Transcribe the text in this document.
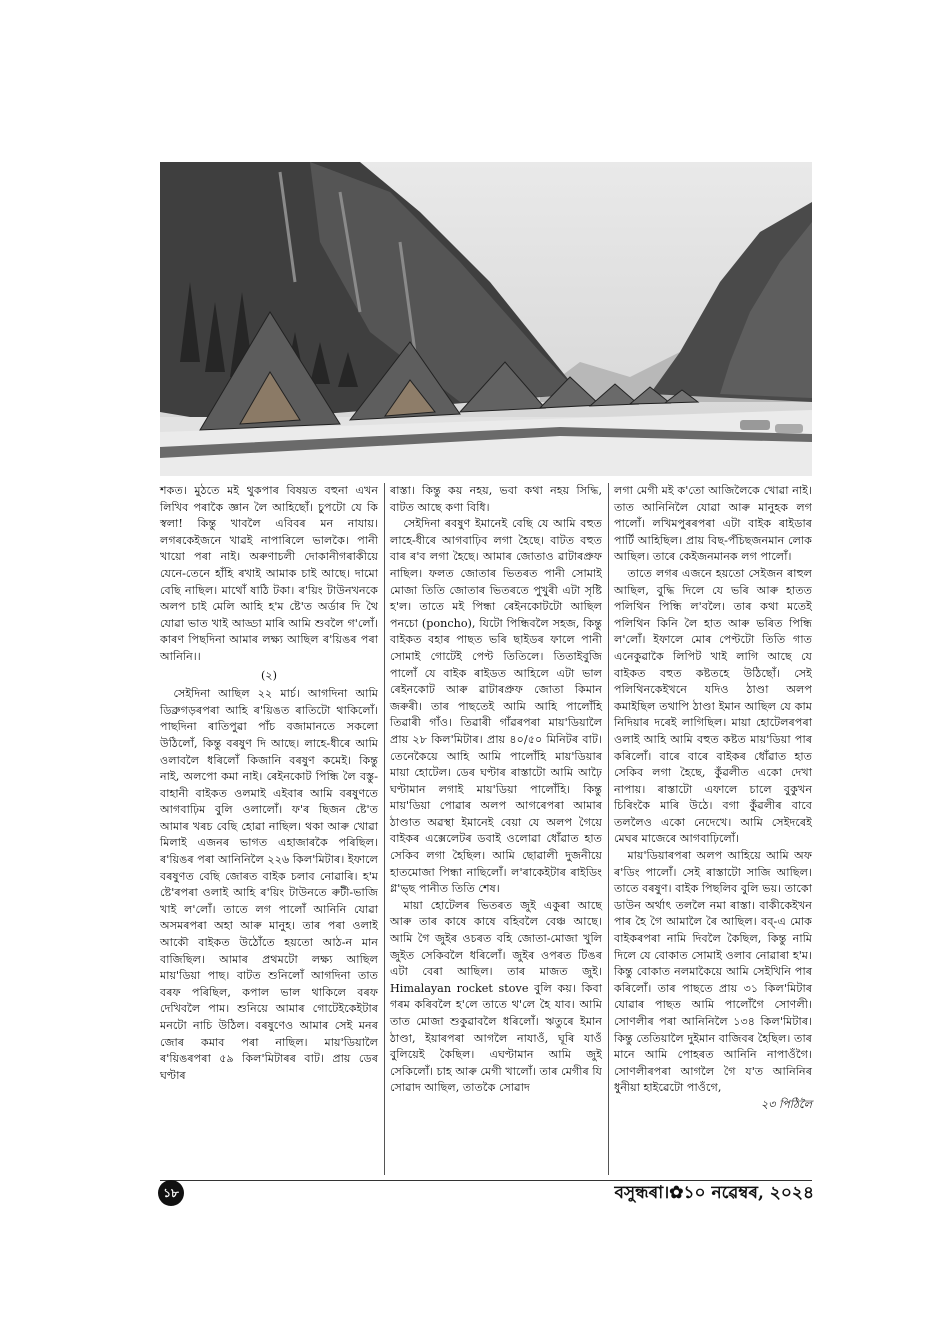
শকত। মুঠতে মই থুকপাৰ বিষয়ত বহুনা এখন লিখিব পৰাকৈ জ্ঞান লৈ আহিছোঁ। চুপটো যে কি স্বলা! কিন্তু খাবলৈ এবিবৰ মন নাযায়। লগৰকেইজনে খাৱই নাপাৰিলে ভালকৈ। পানী খায়ো পৰা নাই। অৰুণাচলী দোকানীগৰাকীয়ে যেনে-তেনে হাঁহি ৰখাই আমাক চাই আছে। দামো বেছি নাছিল। মাথোঁ ষাঠি টকা। ৰ'য়িং টাউনখনকে অলপ চাই মেলি আহি হ'ম ষ্টে'ত অৰ্ডাৰ দি থৈ যোৱা ভাত খাই আড্ডা মাৰি আমি শুবলৈ গ'লোঁ। কাৰণ পিছদিনা আমাৰ লক্ষ্য আছিল ৰ'য়িঙৰ পৰা আনিনি।।

(২)

সেইদিনা আছিল ২২ মাৰ্চ। আগদিনা আমি ডিব্ৰুগড়ৰপৰা আহি ৰ'য়িঙত ৰাতিটো থাকিলোঁ। পাছদিনা ৰাতিপুৱা পাঁচ বজামানতে সকলো উঠিলোঁ, কিন্তু বৰষুণ দি আছে। লাহে-ধীৰে আমি ওলাবলৈ ধৰিলোঁ কিজানি বৰষুণ কমেই। কিন্তু নাই, অলপো কমা নাই। ৰেইনকোট পিন্ধি লৈ বস্তু-বাহানী বাইকত ওলমাই এইবাৰ আমি বৰষুণতে আগবাঢ়িম বুলি ওলালোঁ। ফ'ৰ ছিজন ষ্টে'ত আমাৰ খৰচ বেছি হোৱা নাছিল। থকা আৰু খোৱা মিলাই এজনৰ ভাগত এহাজাৰকৈ পৰিছিল। ৰ'য়িঙৰ পৰা আনিনিলৈ ২২৬ কিল'মিটাৰ। ইফালে বৰষুণত বেছি জোৰত বাইক চলাব নোৱাৰি। হ'ম ষ্টে'ৰপৰা ওলাই আহি ৰ'য়িং টাউনতে ৰুটী-ভাজি খাই ল'লোঁ। তাতে লগ পালোঁ আনিনি যোৱা অসমৰপৰা অহা আৰু মানুহ। তাৰ পৰা ওলাই আকৌ বাইকত উঠোঁতে হয়তো আঠ-ন মান বাজিছিল। আমাৰ প্ৰথমটো লক্ষ্য আছিল মায়'ডিয়া পাছ। বাটত শুনিলোঁ আগদিনা তাত বৰফ পৰিছিল, কপাল ভাল থাকিলে বৰফ দেখিবলৈ পাম। শুনিয়ে আমাৰ গোটেইকেইটাৰ মনটো নাচি উঠিল। বৰষুণেও আমাৰ সেই মনৰ জোৰ কমাব পৰা নাছিল। মায়'ডিয়ালৈ ৰ'য়িঙৰপৰা ৫৯ কিল'মিটাৰৰ বাট। প্ৰায় ডেৰ ঘণ্টাৰ

ৰাস্তা। কিন্তু কয় নহয়, ভবা কথা নহয় সিদ্ধি, বাটত আছে কণা বিধি।

সেইদিনা ৰবষুণ ইমানেই বেছি যে আমি বহুত লাহে-ধীৰে আগবাঢ়িব লগা হৈছে। বাটত বহুত বাৰ ৰ'ব লগা হৈছে। আমাৰ জোতাও ৱাটাৰপ্ৰুফ নাছিল। ফলত জোতাৰ ভিতৰত পানী সোমাই মোজা তিতি জোতাৰ ভিতৰতে পুখুৰী এটা সৃষ্টি হ'ল। তাতে মই পিন্ধা ৰেইনকোটটো আছিল পনচো (poncho), যিটো পিন্ধিবলৈ সহজ, কিন্তু বাইকত বহাৰ পাছত ভৰি ছাইডৰ ফালে পানী সোমাই গোটেই পেণ্ট তিতিলে। তিতাইবুজি পালোঁ যে বাইক ৰাইডত আহিলে এটা ভাল ৰেইনকোট আৰু ৱাটাৰপ্ৰুফ জোতা কিমান জৰুৰী। তাৰ পাছতেই আমি আহি পালোঁহি তিৱাৰী গাঁও। তিৱাৰী গাঁৱৰপৰা মায়'ডিয়ালৈ প্ৰায় ২৮ কিল'মিটাৰ। প্ৰায় ৪০/৫০ মিনিটৰ বাট। তেনেকৈয়ে আহি আমি পালোঁহি মায়'ডিয়াৰ মায়া হোটেল। ডেৰ ঘণ্টাৰ ৰাস্তাটো আমি আঢ়ৈ ঘণ্টামান লগাই মায়'ডিয়া পালোঁহি। কিন্তু মায়'ডিয়া পোৱাৰ অলপ আগৰেপৰা আমাৰ ঠাণ্ডাত অৱস্থা ইমানেই বেয়া যে অলপ গৈয়ে বাইকৰ এক্সেলেটৰ ডবাই ওলোৱা ধোঁৱাত হাত সেকিব লগা হৈছিল। আমি ছোৱালী দুজনীয়ে হাতমোজা পিন্ধা নাছিলোঁ। ল'ৰাকেইটাৰ ৰাইডিং গ্ল'ভ্ছ পানীত তিতি শেষ।

মায়া হোটেলৰ ভিতৰত জুই একুৰা আছে আৰু তাৰ কাষে কাষে বহিবলৈ বেঞ্চ আছে। আমি গৈ জুইৰ ওচৰত বহি জোতা-মোজা খুলি জুইত সেকিবলৈ ধৰিলোঁ। জুইৰ ওপৰত টিঙৰ এটা বেৰা আছিল। তাৰ মাজত জুই। Himalayan rocket stove বুলি কয়। কিবা গৰম কৰিবলৈ হ'লে তাতে থ'লে হৈ যাব। আমি তাত মোজা শুকুৱাবলৈ ধৰিলোঁ। ঋতুৰে ইমান ঠাণ্ডা, ইয়াৰপৰা আগলৈ নাযাওঁ, ঘূৰি যাওঁ বুলিয়েই কৈছিল। এঘণ্টামান আমি জুই সেকিলোঁ। চাহ আৰু মেগী খালোঁ। তাৰ মেগীৰ যি সোৱাদ আছিল, তাতকৈ সোৱাদ

লগা মেগী মই ক'তো আজিলৈকে খোৱা নাই। তাত আনিনিলৈ যোৱা আৰু মানুহক লগ পালোঁ। লখিমপুৰৰপৰা এটা বাইক ৰাইডাৰ পাৰ্টি আহিছিল। প্ৰায় বিছ-পঁচিছজনমান লোক আছিল। তাৰে কেইজনমানক লগ পালোঁ।

তাতে লগৰ এজনে হয়তো সেইজন ৰাহুল আছিল, বুদ্ধি দিলে যে ভৰি আৰু হাতত পলিথিন পিন্ধি ল'বলৈ। তাৰ কথা মতেই পলিথিন কিনি লৈ হাত আৰু ভৰিত পিন্ধি ল'লোঁ। ইফালে মোৰ পেণ্টটো তিতি গাত এনেকুৱাকৈ লিপিট খাই লাগি আছে যে বাইকত বহুত কষ্টতহে উঠিছোঁ। সেই পলিথিনকেইখনে যদিও ঠাণ্ডা অলপ কমাইছিল তথাপি ঠাণ্ডা ইমান আছিল যে কাম নিদিয়াৰ দৰেই লাগিছিল। মায়া হোটেলৰপৰা ওলাই আহি আমি বহুত কষ্টত মায়'ডিয়া পাৰ কৰিলোঁ। বাৰে বাৰে বাইকৰ ধোঁৱাত হাত সেকিব লগা হৈছে, কুঁৱলীত একো দেখা নাপায়। ৰাস্তাটো এফালে চালে বুকুখন চিৰিংকৈ মাৰি উঠে। বগা কুঁৱলীৰ বাবে তললৈও একো নেদেখে। আমি সেইদৰেই মেঘৰ মাজেৰে আগবাঢ়িলোঁ।

মায়'ডিয়াৰপৰা অলপ আহিয়ে আমি অফ ৰ'ডিং পালোঁ। সেই ৰাস্তাটো সাজি আছিল। তাতে বৰষুণ। বাইক পিছলিব বুলি ভয়। তাকো ডাউন অৰ্থাৎ তললৈ নমা ৰাস্তা। বাকীকেইখন পাৰ হৈ গৈ আমালৈ ৰৈ আছিল। বব্-এ মোক বাইকৰপৰা নামি দিবলৈ কৈছিল, কিন্তু নামি দিলে যে বোকাত সোমাই ওলাব নোৱাৰা হ'ম। কিন্তু বোকাত নলমাকৈয়ে আমি সেইখিনি পাৰ কৰিলোঁ। তাৰ পাছতে প্ৰায় ৩১ কিল'মিটাৰ যোৱাৰ পাছত আমি পালোঁগৈ সোণলী। সোণলীৰ পৰা আনিনিলৈ ১৩৪ কিল'মিটাৰ। কিন্তু তেতিয়ালৈ দুইমান বাজিবৰ হৈছিল। তাৰ মানে আমি পোহৰত আনিনি নাপাওঁগৈ। সোণলীৰপৰা আগলৈ গৈ য'ত আনিনিৰ ধুনীয়া হাইৱেটো পাওঁগে,

২৩ পিঠিলৈ

১৮	বসুন্ধৰা।✿১০ নৱেম্বৰ, ২০২৪
